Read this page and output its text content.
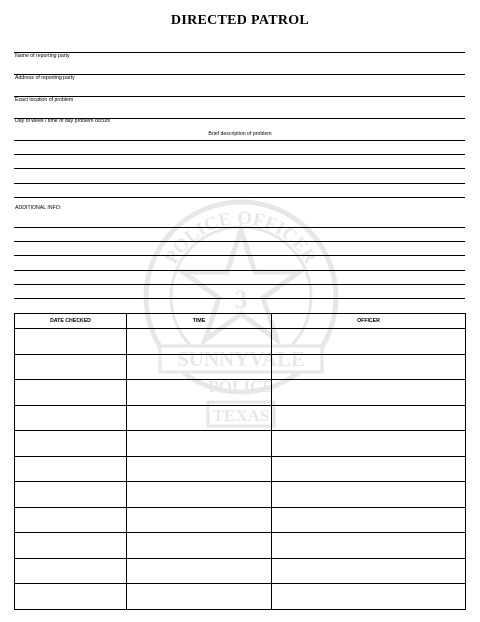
POLICE OFFICER
3
SUNNYVALE
POLICE
TEXAS
DIRECTED PATROL
Name of reporting party
Address of reporting party
Exact location of problem
Day of week / time of day problem occurs
Brief description of problem
ADDITIONAL INFO:
DATE CHECKED	TIME	OFFICER
